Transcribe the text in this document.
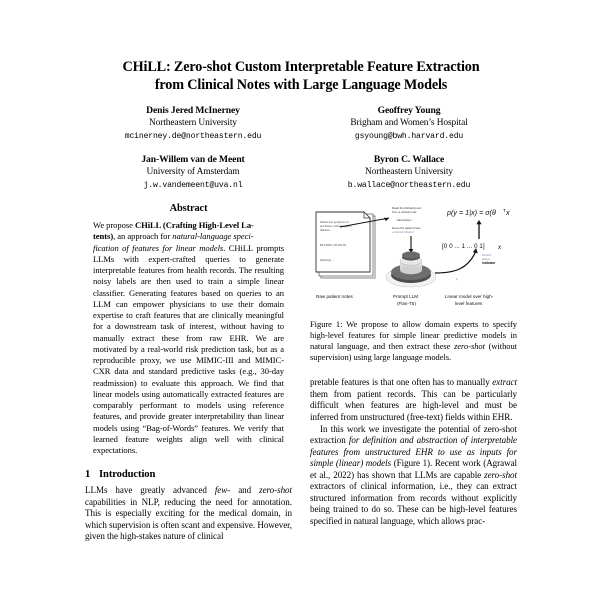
CHiLL: Zero-shot Custom Interpretable Feature Extraction
from Clinical Notes with Large Language Models
Denis Jered McInerney
Northeastern University
mcinerney.de@northeastern.edu
Geoffrey Young
Brigham and Women’s Hospital
gsyoung@bwh.harvard.edu
Jan-Willem van de Meent
University of Amsterdam
j.w.vandemeent@uva.nl
Byron C. Wallace
Northeastern University
b.wallace@northeastern.edu
Abstract
We propose CHiLL (Crafting High-Level La-
tents), an approach for natural-language speci-
fication of features for linear models. CHiLL prompts LLMs with expert-crafted queries to generate interpretable features from health records. The resulting noisy labels are then used to train a simple linear classifier. Generating features based on queries to an LLM can empower physicians to use their domain expertise to craft features that are clinically meaningful for a downstream task of interest, without having to manually extract these from raw EHR. We are motivated by a real-world risk prediction task, but as a reproducible proxy, we use MIMIC-III and MIMIC-CXR data and standard predictive tasks (e.g., 30-day readmission) to evaluate this approach. We find that linear models using automatically extracted features are comparably performant to models using reference features, and provide greater interpretability than linear models using “Bag-of-Words” features. We verify that learned feature weights align well with clinical expectations.
1 Introduction

LLMs have greatly advanced few- and zero-shot capabilities in NLP, reducing the need for annotation. This is especially exciting for the medical domain, in which supervision is often scant and expensive. However, given the high-stakes nature of clinical

Patient has symptoms of ...
and history indicates type 1
diabetes ...
BP 130/81 | Wt 180 lbs
Patient(s) ...
Read the following text
from a clinical note:
<text here>
Does this patient have
a chronic illness?
f₀
p(y = 1|x) = σ(θ T x
[0 0 ... 1 ... 0 1] x
chronic
illness
indicator
Raw patient notes	Prompt LLM
(Flan-T5)
Linear model over high-
level features
Figure 1: We propose to allow domain experts to specify high-level features for simple linear predictive models in natural language, and then extract these zero-shot (without supervision) using large language models.

pretable features is that one often has to manually extract them from patient records. This can be particularly difficult when features are high-level and must be inferred from unstructured (free-text) fields within EHR.

In this work we investigate the potential of zero-shot extraction for definition and abstraction of interpretable features from unstructured EHR to use as inputs for simple (linear) models (Figure 1). Recent work (Agrawal et al., 2022) has shown that LLMs are capable zero-shot extractors of clinical information, i.e., they can extract structured information from records without explicitly being trained to do so. These can be high-level features specified in natural language, which allows prac-
